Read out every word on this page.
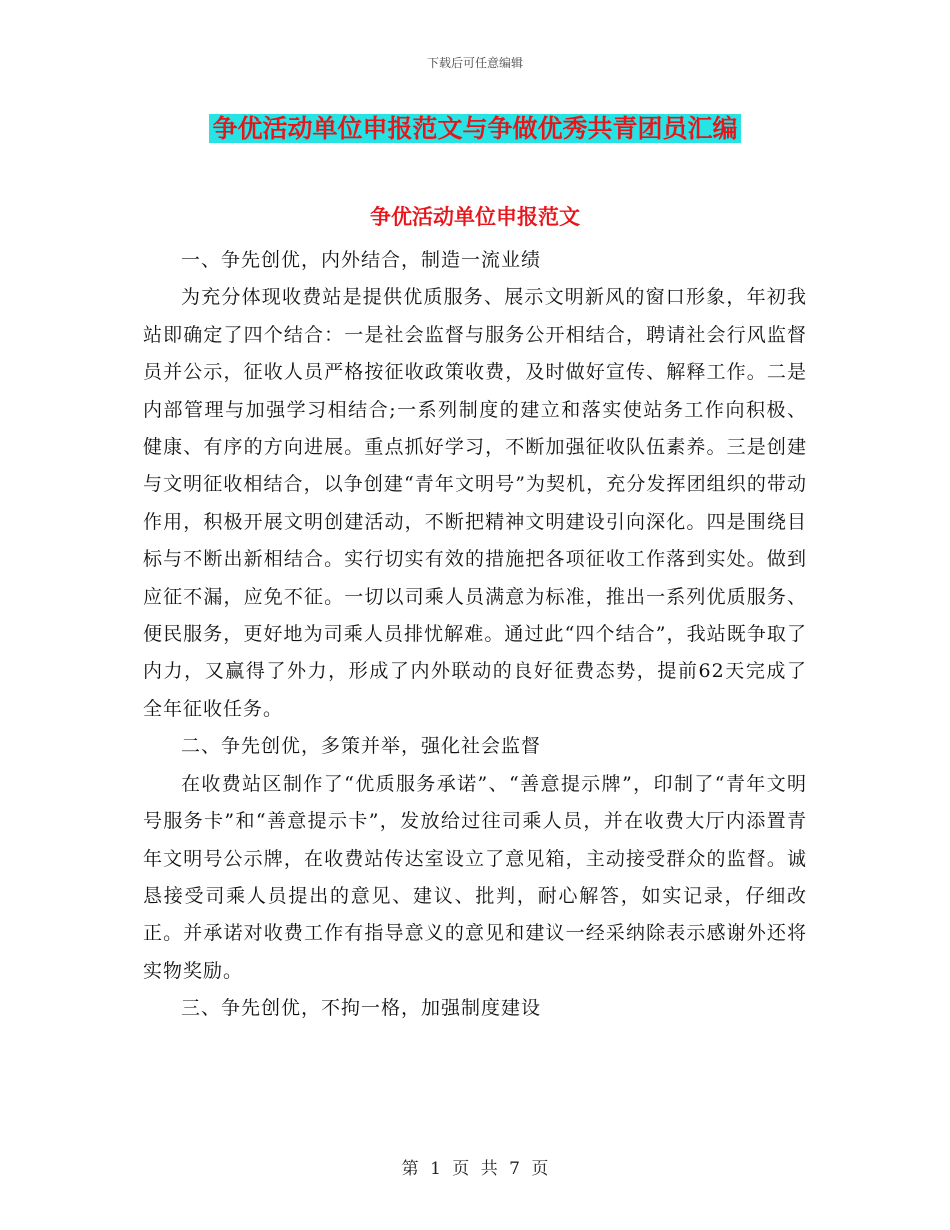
下载后可任意编辑
争优活动单位申报范文与争做优秀共青团员汇编
争优活动单位申报范文

一、争先创优，内外结合，制造一流业绩

为充分体现收费站是提供优质服务、展示文明新风的窗口形象，年初我站即确定了四个结合：一是社会监督与服务公开相结合，聘请社会行风监督员并公示，征收人员严格按征收政策收费，及时做好宣传、解释工作。二是内部管理与加强学习相结合;一系列制度的建立和落实使站务工作向积极、健康、有序的方向进展。重点抓好学习，不断加强征收队伍素养。三是创建与文明征收相结合，以争创建“青年文明号”为契机，充分发挥团组织的带动作用，积极开展文明创建活动，不断把精神文明建设引向深化。四是围绕目标与不断出新相结合。实行切实有效的措施把各项征收工作落到实处。做到应征不漏，应免不征。一切以司乘人员满意为标准，推出一系列优质服务、便民服务，更好地为司乘人员排忧解难。通过此“四个结合”，我站既争取了内力，又赢得了外力，形成了内外联动的良好征费态势，提前62天完成了全年征收任务。

二、争先创优，多策并举，强化社会监督

在收费站区制作了“优质服务承诺”、“善意提示牌”，印制了“青年文明号服务卡”和“善意提示卡”，发放给过往司乘人员，并在收费大厅内添置青年文明号公示牌，在收费站传达室设立了意见箱，主动接受群众的监督。诚恳接受司乘人员提出的意见、建议、批判，耐心解答，如实记录，仔细改正。并承诺对收费工作有指导意义的意见和建议一经采纳除表示感谢外还将实物奖励。

三、争先创优，不拘一格，加强制度建设

第 1 页 共 7 页
